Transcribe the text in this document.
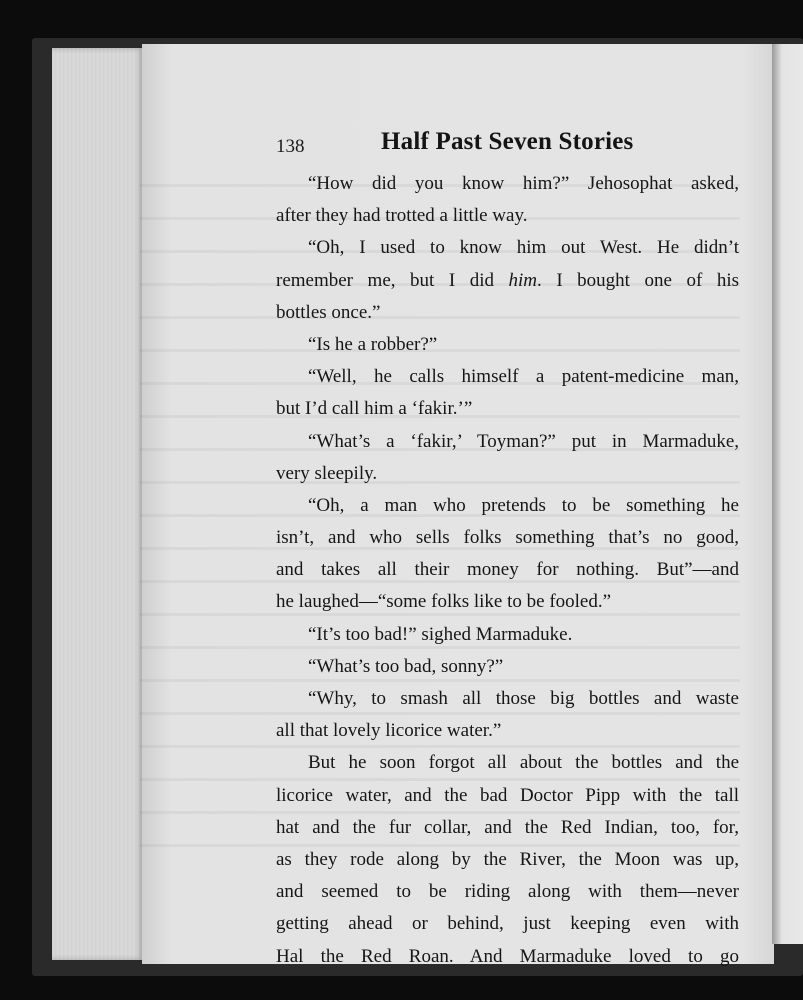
138	Half Past Seven Stories
“How did you know him?” Jehosophat asked,
after they had trotted a little way.
“Oh, I used to know him out West. He didn’t
remember me, but I did him. I bought one of his
bottles once.”
“Is he a robber?”
“Well, he calls himself a patent-medicine man,
but I’d call him a ‘fakir.’”
“What’s a ‘fakir,’ Toyman?” put in Marmaduke,
very sleepily.
“Oh, a man who pretends to be something he
isn’t, and who sells folks something that’s no good,
and takes all their money for nothing. But”—and
he laughed—“some folks like to be fooled.”
“It’s too bad!” sighed Marmaduke.
“What’s too bad, sonny?”
“Why, to smash all those big bottles and waste
all that lovely licorice water.”
But he soon forgot all about the bottles and the
licorice water, and the bad Doctor Pipp with the tall
hat and the fur collar, and the Red Indian, too, for,
as they rode along by the River, the Moon was up,
and seemed to be riding along with them—never
getting ahead or behind, just keeping even with
Hal the Red Roan. And Marmaduke loved to go
